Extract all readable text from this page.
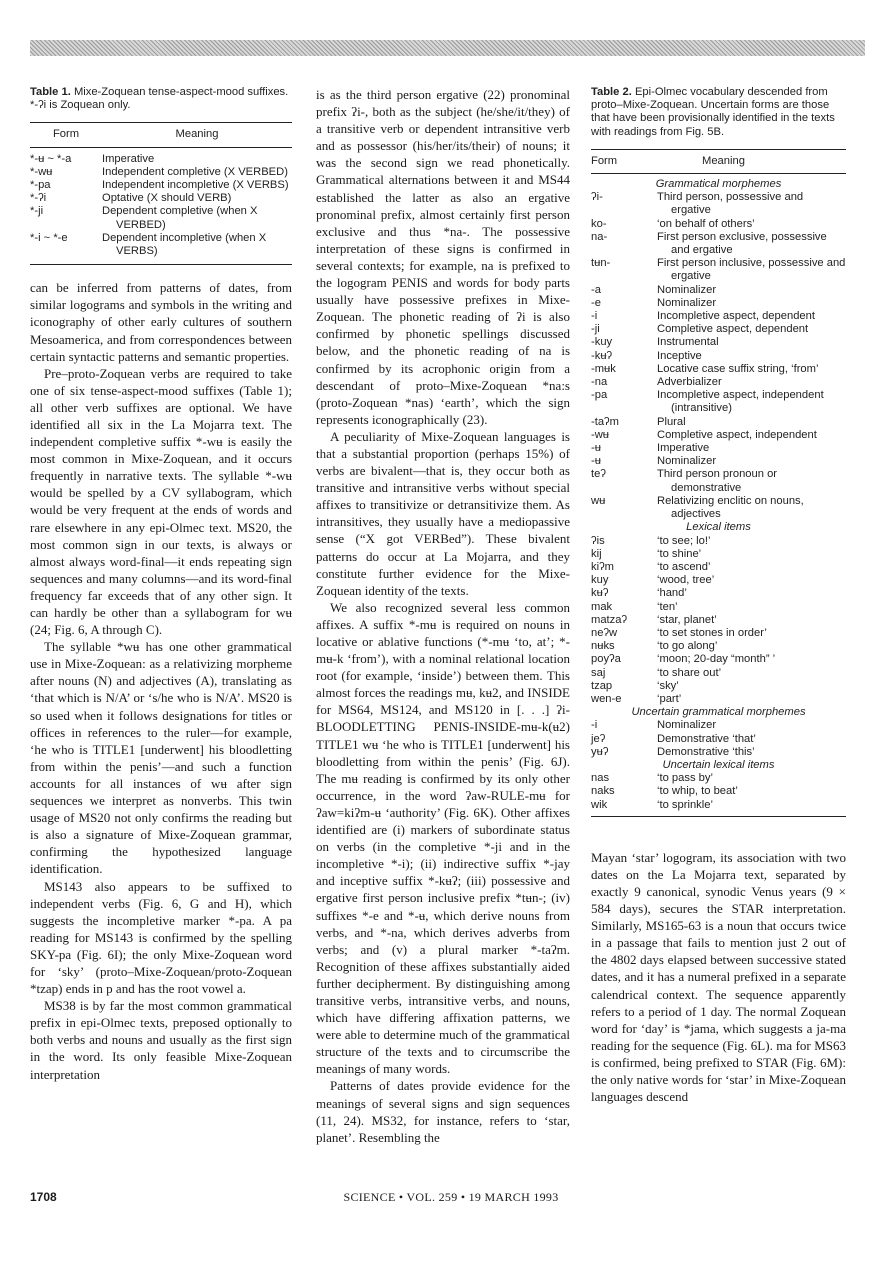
Table 1. Mixe-Zoquean tense-aspect-mood suffixes. *-ʔi is Zoquean only.
Form	Meaning
*-ʉ ~ *-a	Imperative
*-wʉ	Independent completive (X VERBED)
*-pa	Independent incompletive (X VERBS)
*-ʔi	Optative (X should VERB)
*-ji	Dependent completive (when X VERBED)
*-i ~ *-e	Dependent incompletive (when X VERBS)

can be inferred from patterns of dates, from similar logograms and symbols in the writing and iconography of other early cultures of southern Mesoamerica, and from correspondences between certain syntactic patterns and semantic properties.

Pre–proto-Zoquean verbs are required to take one of six tense-aspect-mood suffixes (Table 1); all other verb suffixes are optional. We have identified all six in the La Mojarra text. The independent completive suffix *-wʉ is easily the most common in Mixe-Zoquean, and it occurs frequently in narrative texts. The syllable *-wʉ would be spelled by a CV syllabogram, which would be very frequent at the ends of words and rare elsewhere in any epi-Olmec text. MS20, the most common sign in our texts, is always or almost always word-final—it ends repeating sign sequences and many columns—and its word-final frequency far exceeds that of any other sign. It can hardly be other than a syllabogram for wʉ (24; Fig. 6, A through C).

The syllable *wʉ has one other grammatical use in Mixe-Zoquean: as a relativizing morpheme after nouns (N) and adjectives (A), translating as ‘that which is N/A’ or ‘s/he who is N/A’. MS20 is so used when it follows designations for titles or offices in references to the ruler—for example, ‘he who is TITLE1 [underwent] his bloodletting from within the penis’—and such a function accounts for all instances of wʉ after sign sequences we interpret as nonverbs. This twin usage of MS20 not only confirms the reading but is also a signature of Mixe-Zoquean grammar, confirming the hypothesized language identification.

MS143 also appears to be suffixed to independent verbs (Fig. 6, G and H), which suggests the incompletive marker *-pa. A pa reading for MS143 is confirmed by the spelling SKY-pa (Fig. 6I); the only Mixe-Zoquean word for ‘sky’ (proto–Mixe-Zoquean/proto-Zoquean *tzap) ends in p and has the root vowel a.

MS38 is by far the most common grammatical prefix in epi-Olmec texts, preposed optionally to both verbs and nouns and usually as the first sign in the word. Its only feasible Mixe-Zoquean interpretation

is as the third person ergative (22) pronominal prefix ʔi-, both as the subject (he/she/it/they) of a transitive verb or dependent intransitive verb and as possessor (his/her/its/their) of nouns; it was the second sign we read phonetically. Grammatical alternations between it and MS44 established the latter as also an ergative pronominal prefix, almost certainly first person exclusive and thus *na-. The possessive interpretation of these signs is confirmed in several contexts; for example, na is prefixed to the logogram PENIS and words for body parts usually have possessive prefixes in Mixe-Zoquean. The phonetic reading of ʔi is also confirmed by phonetic spellings discussed below, and the phonetic reading of na is confirmed by its acrophonic origin from a descendant of proto–Mixe-Zoquean *na:s (proto-Zoquean *nas) ‘earth’, which the sign represents iconographically (23).

A peculiarity of Mixe-Zoquean languages is that a substantial proportion (perhaps 15%) of verbs are bivalent—that is, they occur both as transitive and intransitive verbs without special affixes to transitivize or detransitivize them. As intransitives, they usually have a mediopassive sense (“X got VERBed”). These bivalent patterns do occur at La Mojarra, and they constitute further evidence for the Mixe-Zoquean identity of the texts.

We also recognized several less common affixes. A suffix *-mʉ is required on nouns in locative or ablative functions (*-mʉ ‘to, at’; *-mʉ-k ‘from’), with a nominal relational location root (for example, ‘inside’) between them. This almost forces the readings mʉ, kʉ2, and INSIDE for MS64, MS124, and MS120 in [. . .] ʔi-BLOODLETTING PENIS-INSIDE-mʉ-k(ʉ2) TITLE1 wʉ ‘he who is TITLE1 [underwent] his bloodletting from within the penis’ (Fig. 6J). The mʉ reading is confirmed by its only other occurrence, in the word ʔaw-RULE-mʉ for ʔaw=kiʔm-ʉ ‘authority’ (Fig. 6K). Other affixes identified are (i) markers of subordinate status on verbs (in the completive *-ji and in the incompletive *-i); (ii) indirective suffix *-jay and inceptive suffix *-kʉʔ; (iii) possessive and ergative first person inclusive prefix *tʉn-; (iv) suffixes *-e and *-ʉ, which derive nouns from verbs, and *-na, which derives adverbs from verbs; and (v) a plural marker *-taʔm. Recognition of these affixes substantially aided further decipherment. By distinguishing among transitive verbs, intransitive verbs, and nouns, which have differing affixation patterns, we were able to determine much of the grammatical structure of the texts and to circumscribe the meanings of many words.

Patterns of dates provide evidence for the meanings of several signs and sign sequences (11, 24). MS32, for instance, refers to ‘star, planet’. Resembling the

Table 2. Epi-Olmec vocabulary descended from proto–Mixe-Zoquean. Uncertain forms are those that have been provisionally identified in the texts with readings from Fig. 5B.
Form	Meaning
Grammatical morphemes
ʔi-	Third person, possessive and ergative
ko-	‘on behalf of others’
na-	First person exclusive, possessive and ergative
tʉn-	First person inclusive, possessive and ergative
-a	Nominalizer
-e	Nominalizer
-i	Incompletive aspect, dependent
-ji	Completive aspect, dependent
-kuy	Instrumental
-kʉʔ	Inceptive
-mʉk	Locative case suffix string, ‘from’
-na	Adverbializer
-pa	Incompletive aspect, independent (intransitive)
-taʔm	Plural
-wʉ	Completive aspect, independent
-ʉ	Imperative
-ʉ	Nominalizer
teʔ	Third person pronoun or demonstrative
wʉ	Relativizing enclitic on nouns, adjectives
Lexical items
ʔis	‘to see; lo!’
kij	‘to shine’
kiʔm	‘to ascend’
kuy	‘wood, tree’
kʉʔ	‘hand’
mak	‘ten’
matzaʔ	‘star, planet’
neʔw	‘to set stones in order’
nʉks	‘to go along’
poyʔa	‘moon; 20-day “month” ’
saj	‘to share out’
tzap	‘sky’
wen-e	‘part’
Uncertain grammatical morphemes
-i	Nominalizer
jeʔ	Demonstrative ‘that’
yʉʔ	Demonstrative ‘this’
Uncertain lexical items
nas	‘to pass by’
naks	‘to whip, to beat’
wik	‘to sprinkle’

Mayan ‘star’ logogram, its association with two dates on the La Mojarra text, separated by exactly 9 canonical, synodic Venus years (9 × 584 days), secures the STAR interpretation. Similarly, MS165-63 is a noun that occurs twice in a passage that fails to mention just 2 out of the 4802 days elapsed between successive stated dates, and it has a numeral prefixed in a separate calendrical context. The sequence apparently refers to a period of 1 day. The normal Zoquean word for ‘day’ is *jama, which suggests a ja-ma reading for the sequence (Fig. 6L). ma for MS63 is confirmed, being prefixed to STAR (Fig. 6M): the only native words for ‘star’ in Mixe-Zoquean languages descend

1708	SCIENCE • VOL. 259 • 19 MARCH 1993
